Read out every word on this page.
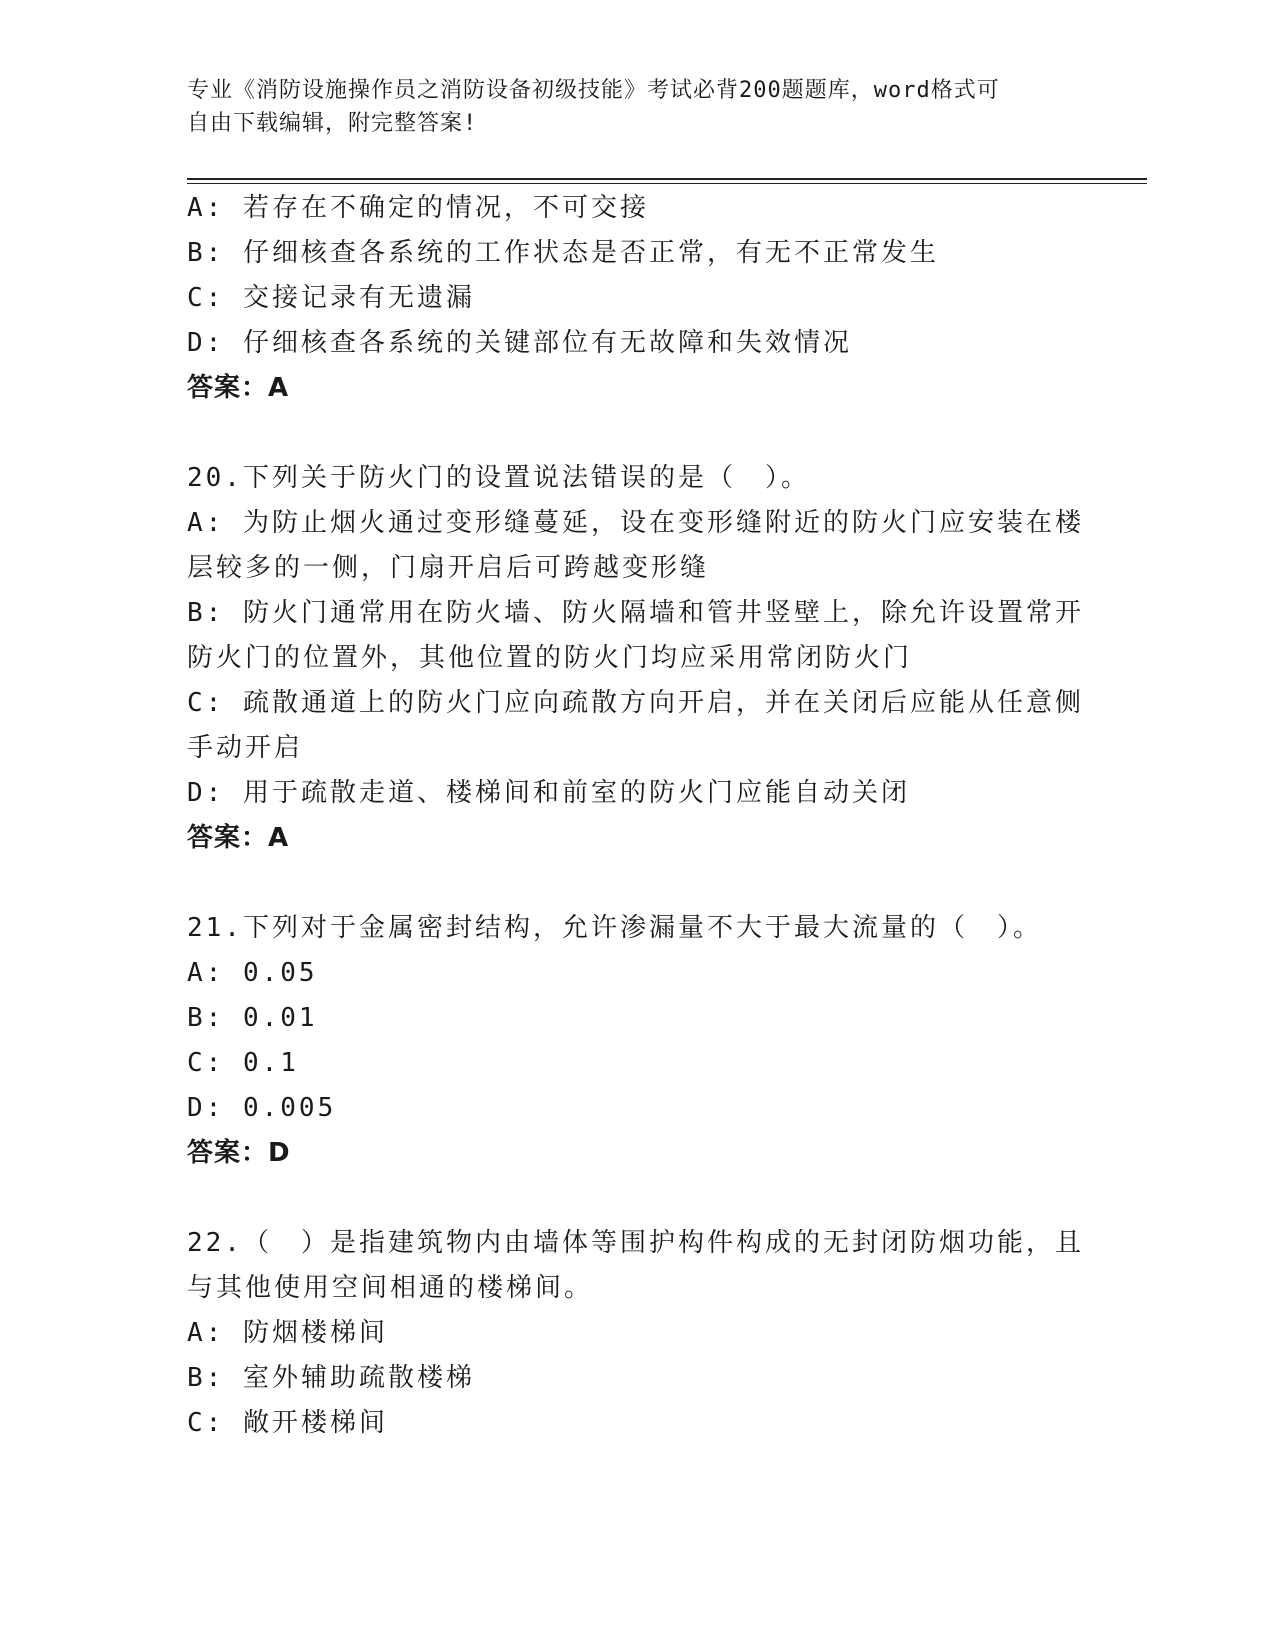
专业《消防设施操作员之消防设备初级技能》考试必背200题题库，word格式可
自由下载编辑，附完整答案!
A: 若存在不确定的情况，不可交接
B: 仔细核查各系统的工作状态是否正常，有无不正常发生
C: 交接记录有无遗漏
D: 仔细核查各系统的关键部位有无故障和失效情况
答案：A
20.下列关于防火门的设置说法错误的是（　）。
A: 为防止烟火通过变形缝蔓延，设在变形缝附近的防火门应安装在楼
层较多的一侧，门扇开启后可跨越变形缝
B: 防火门通常用在防火墙、防火隔墙和管井竖壁上，除允许设置常开
防火门的位置外，其他位置的防火门均应采用常闭防火门
C: 疏散通道上的防火门应向疏散方向开启，并在关闭后应能从任意侧
手动开启
D: 用于疏散走道、楼梯间和前室的防火门应能自动关闭
答案：A
21.下列对于金属密封结构，允许渗漏量不大于最大流量的（　）。
A: 0.05
B: 0.01
C: 0.1
D: 0.005
答案：D
22.（　）是指建筑物内由墙体等围护构件构成的无封闭防烟功能，且
与其他使用空间相通的楼梯间。
A: 防烟楼梯间
B: 室外辅助疏散楼梯
C: 敞开楼梯间
